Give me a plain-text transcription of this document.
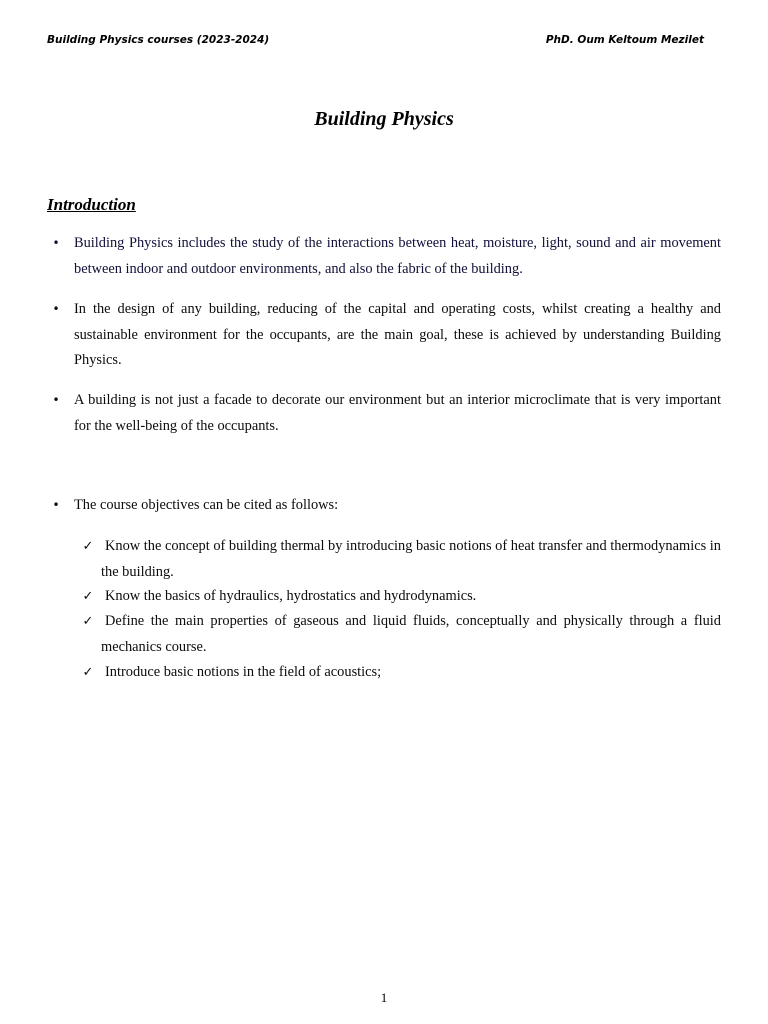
Building Physics courses (2023-2024)	PhD. Oum Keltoum Mezilet
Building Physics
Introduction
• Building Physics includes the study of the interactions between heat, moisture, light, sound and air movement between indoor and outdoor environments, and also the fabric of the building.
• In the design of any building, reducing of the capital and operating costs, whilst creating a healthy and sustainable environment for the occupants, are the main goal, these is achieved by understanding Building Physics.
• A building is not just a facade to decorate our environment but an interior microclimate that is very important for the well-being of the occupants.
• The course objectives can be cited as follows:
✓ Know the concept of building thermal by introducing basic notions of heat transfer and thermodynamics in the building.
✓ Know the basics of hydraulics, hydrostatics and hydrodynamics.
✓ Define the main properties of gaseous and liquid fluids, conceptually and physically through a fluid mechanics course.
✓ Introduce basic notions in the field of acoustics;
1
